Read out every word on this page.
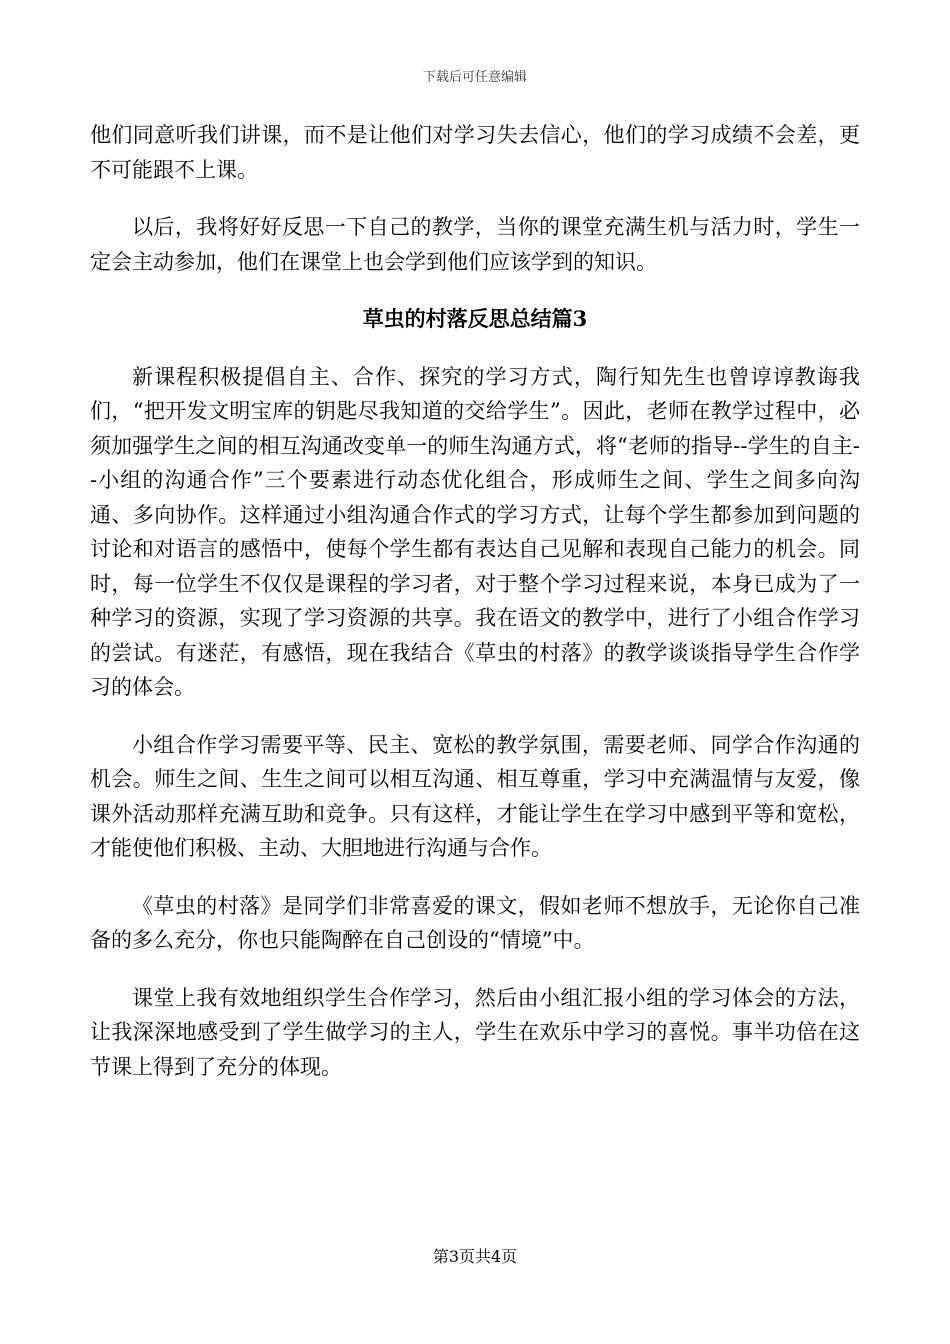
下载后可任意编辑

他们同意听我们讲课，而不是让他们对学习失去信心，他们的学习成绩不会差，更不可能跟不上课。

以后，我将好好反思一下自己的教学，当你的课堂充满生机与活力时，学生一定会主动参加，他们在课堂上也会学到他们应该学到的知识。

草虫的村落反思总结篇3

新课程积极提倡自主、合作、探究的学习方式，陶行知先生也曾谆谆教诲我们，“把开发文明宝库的钥匙尽我知道的交给学生”。因此，老师在教学过程中，必须加强学生之间的相互沟通改变单一的师生沟通方式，将“老师的指导--学生的自主--小组的沟通合作”三个要素进行动态优化组合，形成师生之间、学生之间多向沟通、多向协作。这样通过小组沟通合作式的学习方式，让每个学生都参加到问题的讨论和对语言的感悟中，使每个学生都有表达自己见解和表现自己能力的机会。同时，每一位学生不仅仅是课程的学习者，对于整个学习过程来说，本身已成为了一种学习的资源，实现了学习资源的共享。我在语文的教学中，进行了小组合作学习的尝试。有迷茫，有感悟，现在我结合《草虫的村落》的教学谈谈指导学生合作学习的体会。

小组合作学习需要平等、民主、宽松的教学氛围，需要老师、同学合作沟通的机会。师生之间、生生之间可以相互沟通、相互尊重，学习中充满温情与友爱，像课外活动那样充满互助和竞争。只有这样，才能让学生在学习中感到平等和宽松，才能使他们积极、主动、大胆地进行沟通与合作。

《草虫的村落》是同学们非常喜爱的课文，假如老师不想放手，无论你自己准备的多么充分，你也只能陶醉在自己创设的“情境”中。

课堂上我有效地组织学生合作学习，然后由小组汇报小组的学习体会的方法，让我深深地感受到了学生做学习的主人，学生在欢乐中学习的喜悦。事半功倍在这节课上得到了充分的体现。

第3页共4页
